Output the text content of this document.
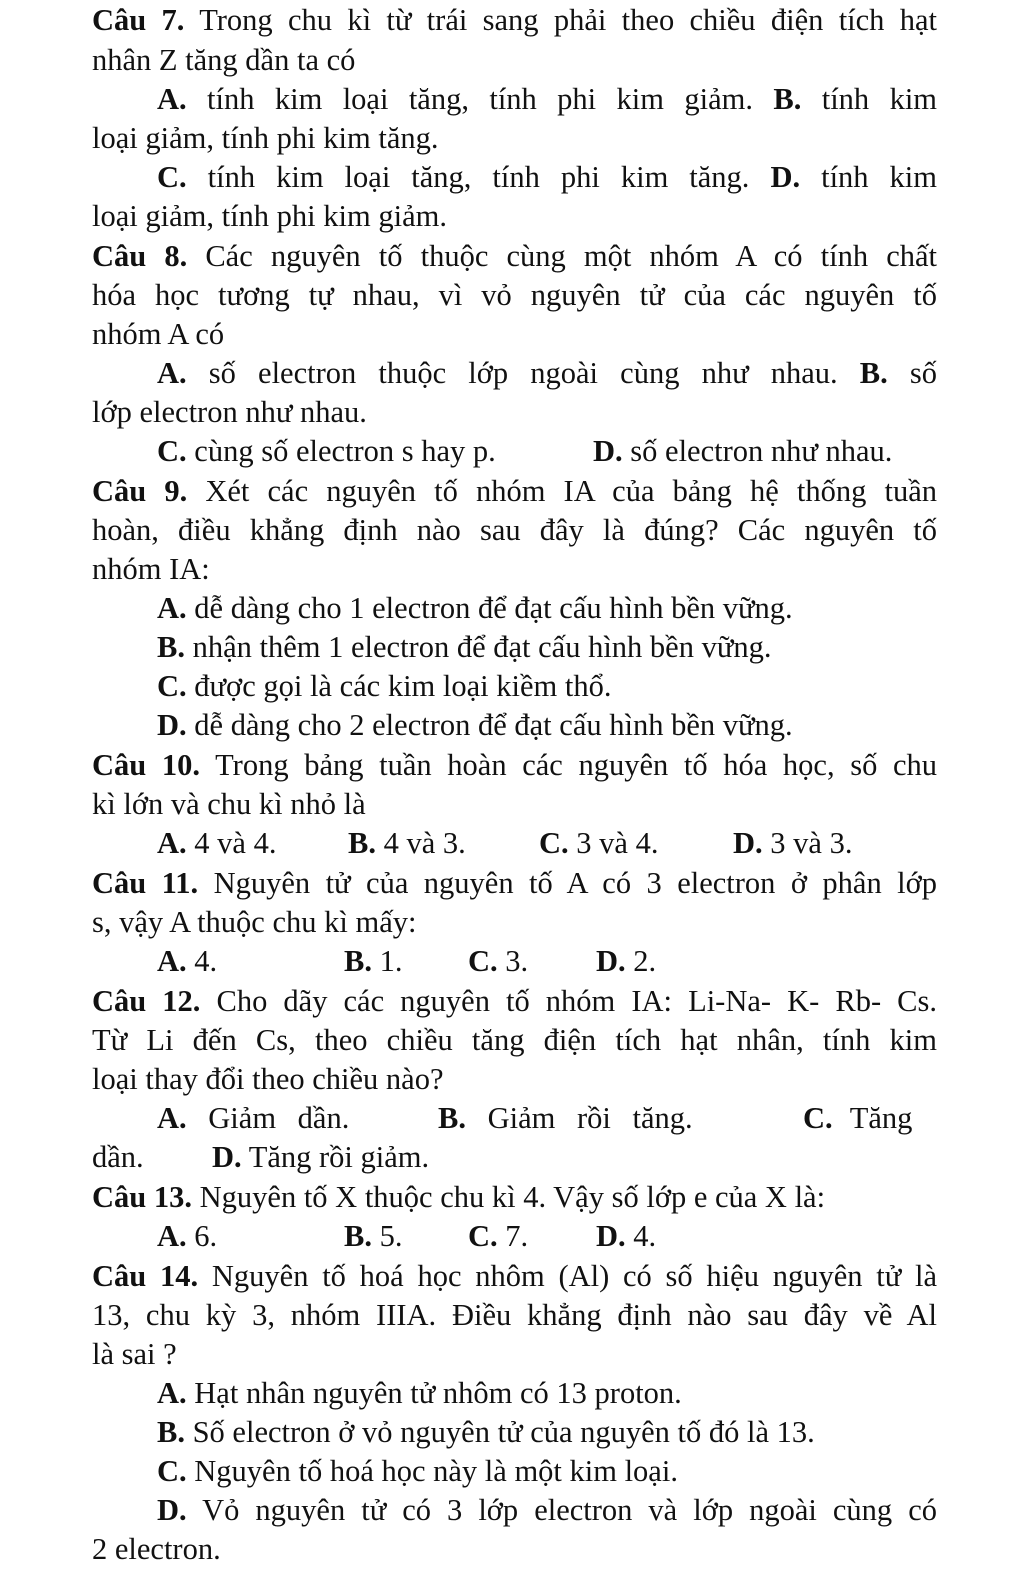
Câu 7. Trong chu kì từ trái sang phải theo chiều điện tích hạt
nhân Z tăng dần ta có
A. tính kim loại tăng, tính phi kim giảm. B. tính kim
loại giảm, tính phi kim tăng.
C. tính kim loại tăng, tính phi kim tăng. D. tính kim
loại giảm, tính phi kim giảm.
Câu 8. Các nguyên tố thuộc cùng một nhóm A có tính chất
hóa học tương tự nhau, vì vỏ nguyên tử của các nguyên tố
nhóm A có
A. số electron thuộc lớp ngoài cùng như nhau. B. số
lớp electron như nhau.
C. cùng số electron s hay p.	D. số electron như nhau.
Câu 9. Xét các nguyên tố nhóm IA của bảng hệ thống tuần
hoàn, điều khẳng định nào sau đây là đúng? Các nguyên tố
nhóm IA:
A. dễ dàng cho 1 electron để đạt cấu hình bền vững.
B. nhận thêm 1 electron để đạt cấu hình bền vững.
C. được gọi là các kim loại kiềm thổ.
D. dễ dàng cho 2 electron để đạt cấu hình bền vững.
Câu 10. Trong bảng tuần hoàn các nguyên tố hóa học, số chu
kì lớn và chu kì nhỏ là
A. 4 và 4. B. 4 và 3. C. 3 và 4. D. 3 và 3.
Câu 11. Nguyên tử của nguyên tố A có 3 electron ở phân lớp
s, vậy A thuộc chu kì mấy:
A. 4.	B. 1. C. 3. D. 2.
Câu 12. Cho dãy các nguyên tố nhóm IA: Li-Na- K- Rb- Cs.
Từ Li đến Cs, theo chiều tăng điện tích hạt nhân, tính kim
loại thay đổi theo chiều nào?
A. Giảm dần.	B. Giảm rồi tăng.	C. Tăng
dần. D. Tăng rồi giảm.
Câu 13. Nguyên tố X thuộc chu kì 4. Vậy số lớp e của X là:
A. 6.	B. 5. C. 7. D. 4.
Câu 14. Nguyên tố hoá học nhôm (Al) có số hiệu nguyên tử là
13, chu kỳ 3, nhóm IIIA. Điều khẳng định nào sau đây về Al
là sai ?
A. Hạt nhân nguyên tử nhôm có 13 proton.
B. Số electron ở vỏ nguyên tử của nguyên tố đó là 13.
C. Nguyên tố hoá học này là một kim loại.
D. Vỏ nguyên tử có 3 lớp electron và lớp ngoài cùng có
2 electron.
